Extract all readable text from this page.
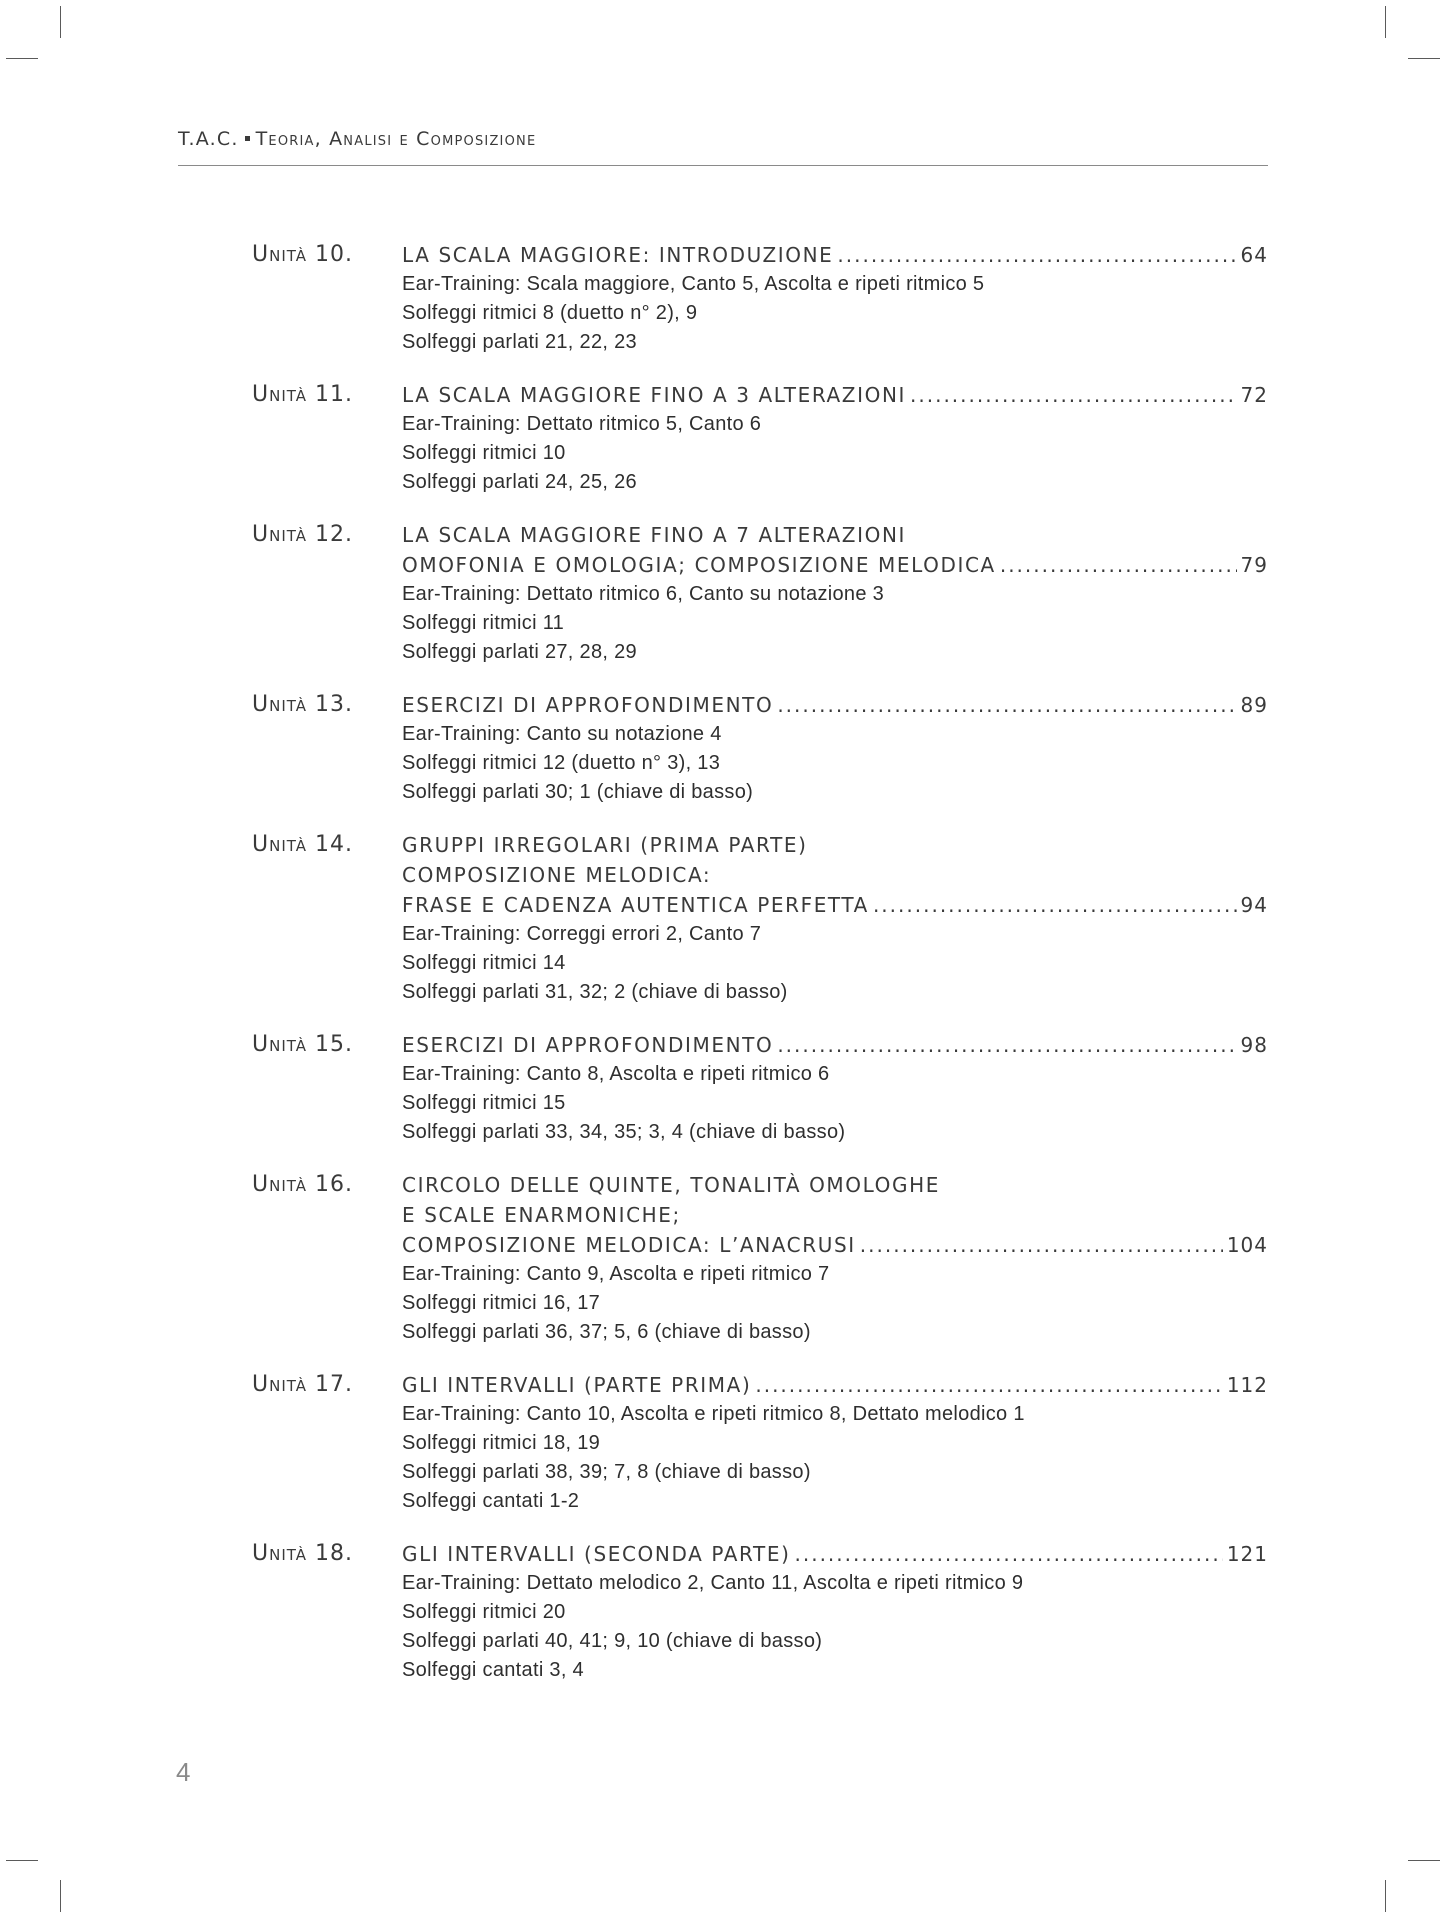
T.A.C. Teoria, Analisi e Composizione
Unità 10.	LA SCALA MAGGIORE: INTRODUZIONE .....	64
Ear-Training: Scala maggiore, Canto 5, Ascolta e ripeti ritmico 5
Solfeggi ritmici 8 (duetto n° 2), 9
Solfeggi parlati 21, 22, 23
Unità 11.	LA SCALA MAGGIORE FINO A 3 ALTERAZIONI .....	72
Ear-Training: Dettato ritmico 5, Canto 6
Solfeggi ritmici 10
Solfeggi parlati 24, 25, 26
Unità 12.	LA SCALA MAGGIORE FINO A 7 ALTERAZIONI
OMOFONIA E OMOLOGIA; COMPOSIZIONE MELODICA .....	79
Ear-Training: Dettato ritmico 6, Canto su notazione 3
Solfeggi ritmici 11
Solfeggi parlati 27, 28, 29
Unità 13.	ESERCIZI DI APPROFONDIMENTO .....	89
Ear-Training: Canto su notazione 4
Solfeggi ritmici 12 (duetto n° 3), 13
Solfeggi parlati 30; 1 (chiave di basso)
Unità 14.	GRUPPI IRREGOLARI (PRIMA PARTE)
COMPOSIZIONE MELODICA:
FRASE E CADENZA AUTENTICA PERFETTA .....	94
Ear-Training: Correggi errori 2, Canto 7
Solfeggi ritmici 14
Solfeggi parlati 31, 32; 2 (chiave di basso)
Unità 15.	ESERCIZI DI APPROFONDIMENTO .....	98
Ear-Training: Canto 8, Ascolta e ripeti ritmico 6
Solfeggi ritmici 15
Solfeggi parlati 33, 34, 35; 3, 4 (chiave di basso)
Unità 16.	CIRCOLO DELLE QUINTE, TONALITÀ OMOLOGHE
E SCALE ENARMONICHE;
COMPOSIZIONE MELODICA: L’ANACRUSI .....	104
Ear-Training: Canto 9, Ascolta e ripeti ritmico 7
Solfeggi ritmici 16, 17
Solfeggi parlati 36, 37; 5, 6 (chiave di basso)
Unità 17.	GLI INTERVALLI (PARTE PRIMA) .....	112
Ear-Training: Canto 10, Ascolta e ripeti ritmico 8, Dettato melodico 1
Solfeggi ritmici 18, 19
Solfeggi parlati 38, 39; 7, 8 (chiave di basso)
Solfeggi cantati 1-2
Unità 18.	GLI INTERVALLI (SECONDA PARTE) .....	121
Ear-Training: Dettato melodico 2, Canto 11, Ascolta e ripeti ritmico 9
Solfeggi ritmici 20
Solfeggi parlati 40, 41; 9, 10 (chiave di basso)
Solfeggi cantati 3, 4
4
